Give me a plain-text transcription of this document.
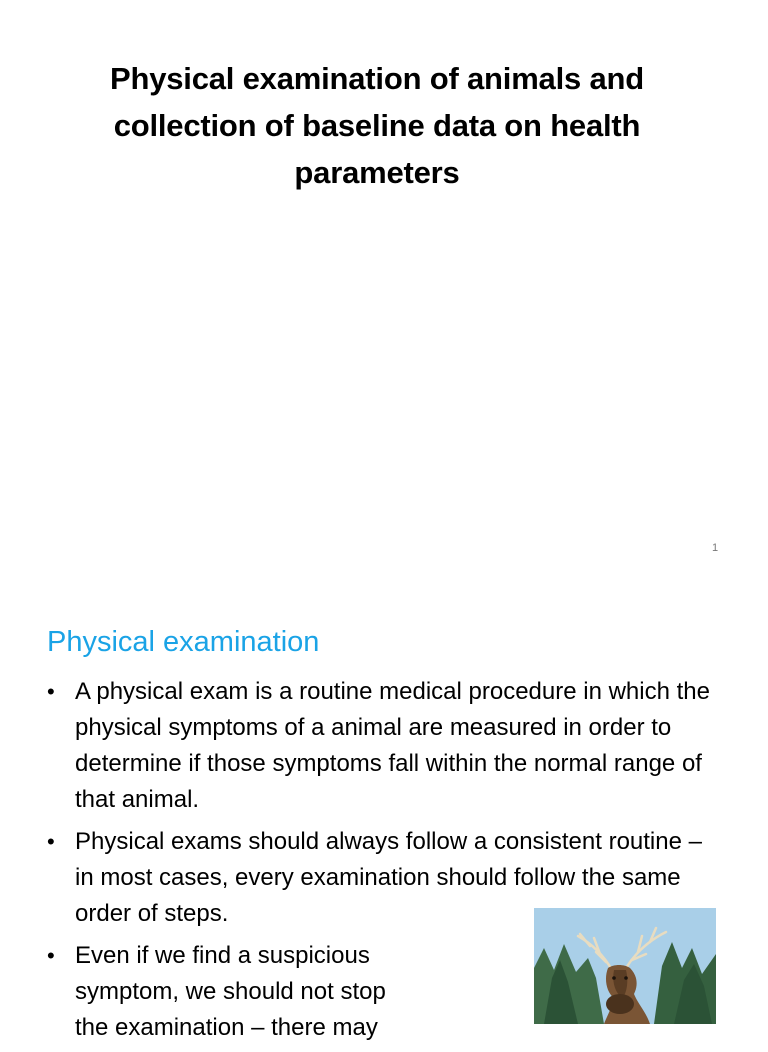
Physical examination of animals and collection of baseline data on health parameters
1
Physical examination
• A physical exam is a routine medical procedure in which the physical symptoms of a animal are measured in order to determine if those symptoms fall within the normal range of that animal.
• Physical exams should always follow a consistent routine – in most cases, every examination should follow the same order of steps.
• Even if we find a suspicious symptom, we should not stop the examination – there may
